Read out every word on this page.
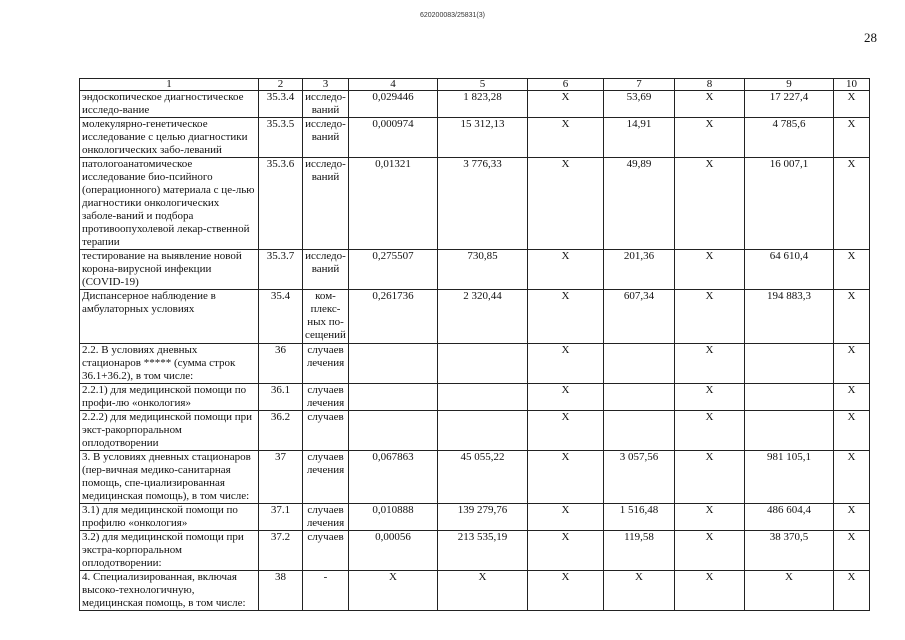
620200083/25831(3)
28
1	2	3	4	5	6	7	8	9	10
эндоскопическое диагностическое исследо-вание	35.3.4	исследо-ваний	0,029446	1 823,28	X	53,69	X	17 227,4	X
молекулярно-генетическое исследование с целью диагностики онкологических забо-леваний	35.3.5	исследо-ваний	0,000974	15 312,13	X	14,91	X	4 785,6	X
патологоанатомическое исследование био-псийного (операционного) материала с це-лью диагностики онкологических заболе-ваний и подбора противоопухолевой лекар-ственной терапии	35.3.6	исследо-ваний	0,01321	3 776,33	X	49,89	X	16 007,1	X
тестирование на выявление новой корона-вирусной инфекции (COVID-19)	35.3.7	исследо-ваний	0,275507	730,85	X	201,36	X	64 610,4	X
Диспансерное наблюдение в амбулаторных условиях	35.4	ком-плекс-ных по-сещений	0,261736	2 320,44	X	607,34	X	194 883,3	X
2.2. В условиях дневных стационаров ***** (сумма строк 36.1+36.2), в том числе:	36	случаев лечения			X		X		X
2.2.1) для медицинской помощи по профи-лю «онкология»	36.1	случаев лечения			X		X		X
2.2.2) для медицинской помощи при экст-ракорпоральном оплодотворении	36.2	случаев			X		X		X
3. В условиях дневных стационаров (пер-вичная медико-санитарная помощь, спе-циализированная медицинская помощь), в том числе:	37	случаев лечения	0,067863	45 055,22	X	3 057,56	X	981 105,1	X
3.1) для медицинской помощи по профилю «онкология»	37.1	случаев лечения	0,010888	139 279,76	X	1 516,48	X	486 604,4	X
3.2) для медицинской помощи при экстра-корпоральном оплодотворении:	37.2	случаев	0,00056	213 535,19	X	119,58	X	38 370,5	X
4. Специализированная, включая высоко-технологичную, медицинская помощь, в том числе:	38	-	X	X	X	X	X	X	X
